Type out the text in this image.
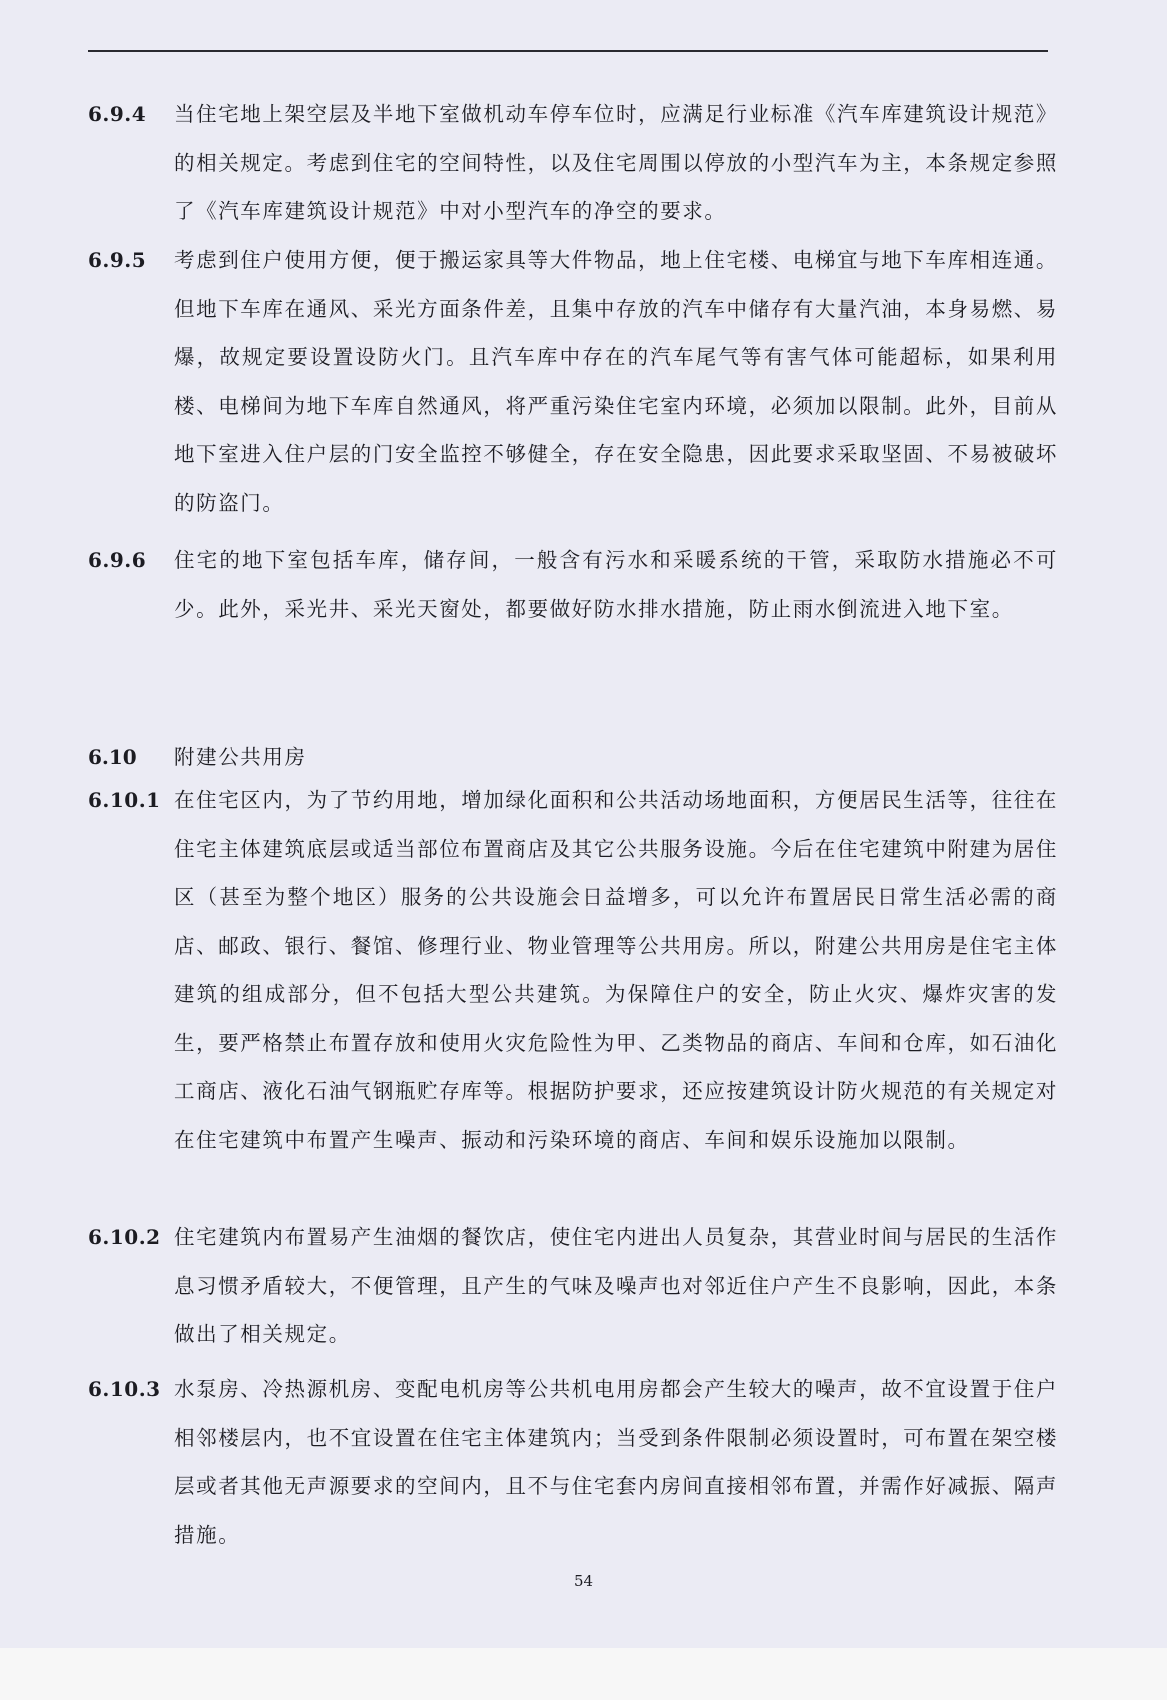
6.9.4 当住宅地上架空层及半地下室做机动车停车位时，应满足行业标准《汽车库建筑设计规范》的相关规定。考虑到住宅的空间特性，以及住宅周围以停放的小型汽车为主，本条规定参照了《汽车库建筑设计规范》中对小型汽车的净空的要求。
6.9.5 考虑到住户使用方便，便于搬运家具等大件物品，地上住宅楼、电梯宜与地下车库相连通。但地下车库在通风、采光方面条件差，且集中存放的汽车中储存有大量汽油，本身易燃、易爆，故规定要设置设防火门。且汽车库中存在的汽车尾气等有害气体可能超标，如果利用楼、电梯间为地下车库自然通风，将严重污染住宅室内环境，必须加以限制。此外，目前从地下室进入住户层的门安全监控不够健全，存在安全隐患，因此要求采取坚固、不易被破坏的防盗门。
6.9.6 住宅的地下室包括车库，储存间，一般含有污水和采暖系统的干管，采取防水措施必不可少。此外，采光井、采光天窗处，都要做好防水排水措施，防止雨水倒流进入地下室。
6.10 附建公共用房
6.10.1 在住宅区内，为了节约用地，增加绿化面积和公共活动场地面积，方便居民生活等，往往在住宅主体建筑底层或适当部位布置商店及其它公共服务设施。今后在住宅建筑中附建为居住区（甚至为整个地区）服务的公共设施会日益增多，可以允许布置居民日常生活必需的商店、邮政、银行、餐馆、修理行业、物业管理等公共用房。所以，附建公共用房是住宅主体建筑的组成部分，但不包括大型公共建筑。为保障住户的安全，防止火灾、爆炸灾害的发生，要严格禁止布置存放和使用火灾危险性为甲、乙类物品的商店、车间和仓库，如石油化工商店、液化石油气钢瓶贮存库等。根据防护要求，还应按建筑设计防火规范的有关规定对在住宅建筑中布置产生噪声、振动和污染环境的商店、车间和娱乐设施加以限制。
6.10.2 住宅建筑内布置易产生油烟的餐饮店，使住宅内进出人员复杂，其营业时间与居民的生活作息习惯矛盾较大，不便管理，且产生的气味及噪声也对邻近住户产生不良影响，因此，本条做出了相关规定。
6.10.3 水泵房、冷热源机房、变配电机房等公共机电用房都会产生较大的噪声，故不宜设置于住户相邻楼层内，也不宜设置在住宅主体建筑内；当受到条件限制必须设置时，可布置在架空楼层或者其他无声源要求的空间内，且不与住宅套内房间直接相邻布置，并需作好减振、隔声措施。
54
